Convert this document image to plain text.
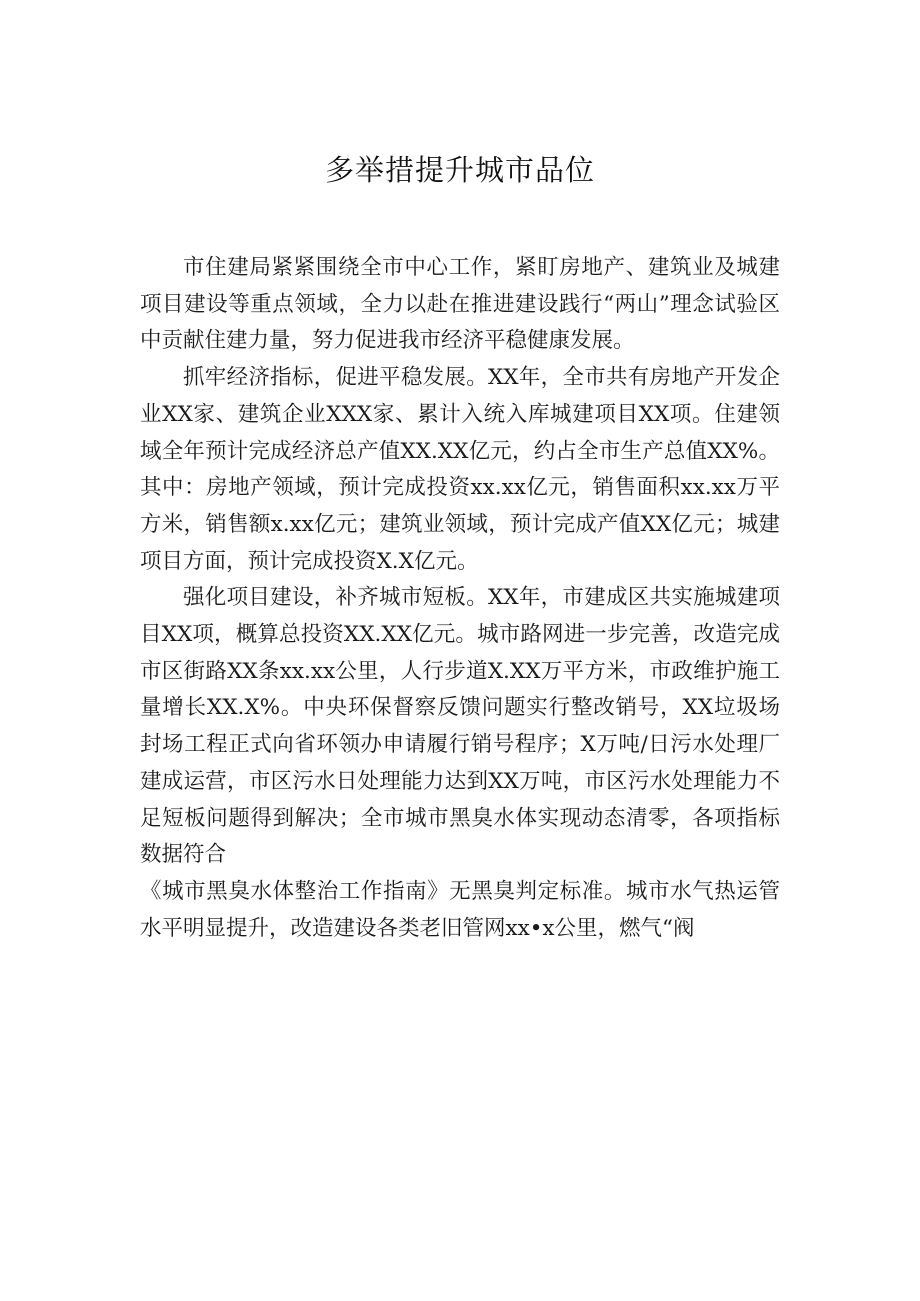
多举措提升城市品位

市住建局紧紧围绕全市中心工作，紧盯房地产、建筑业及城建项目建设等重点领域，全力以赴在推进建设践行“两山”理念试验区中贡献住建力量，努力促进我市经济平稳健康发展。

抓牢经济指标，促进平稳发展。XX年，全市共有房地产开发企业XX家、建筑企业XXX家、累计入统入库城建项目XX项。住建领域全年预计完成经济总产值XX.XX亿元，约占全市生产总值XX%。其中：房地产领域，预计完成投资xx.xx亿元，销售面积xx.xx万平方米，销售额x.xx亿元；建筑业领域，预计完成产值XX亿元；城建项目方面，预计完成投资X.X亿元。

强化项目建设，补齐城市短板。XX年，市建成区共实施城建项目XX项，概算总投资XX.XX亿元。城市路网进一步完善，改造完成市区街路XX条xx.xx公里，人行步道X.XX万平方米，市政维护施工量增长XX.X%。中央环保督察反馈问题实行整改销号，XX垃圾场封场工程正式向省环领办申请履行销号程序；X万吨/日污水处理厂建成运营，市区污水日处理能力达到XX万吨，市区污水处理能力不足短板问题得到解决；全市城市黑臭水体实现动态清零，各项指标数据符合

《城市黑臭水体整治工作指南》无黑臭判定标准。城市水气热运管水平明显提升，改造建设各类老旧管网xx•x公里，燃气“阀
